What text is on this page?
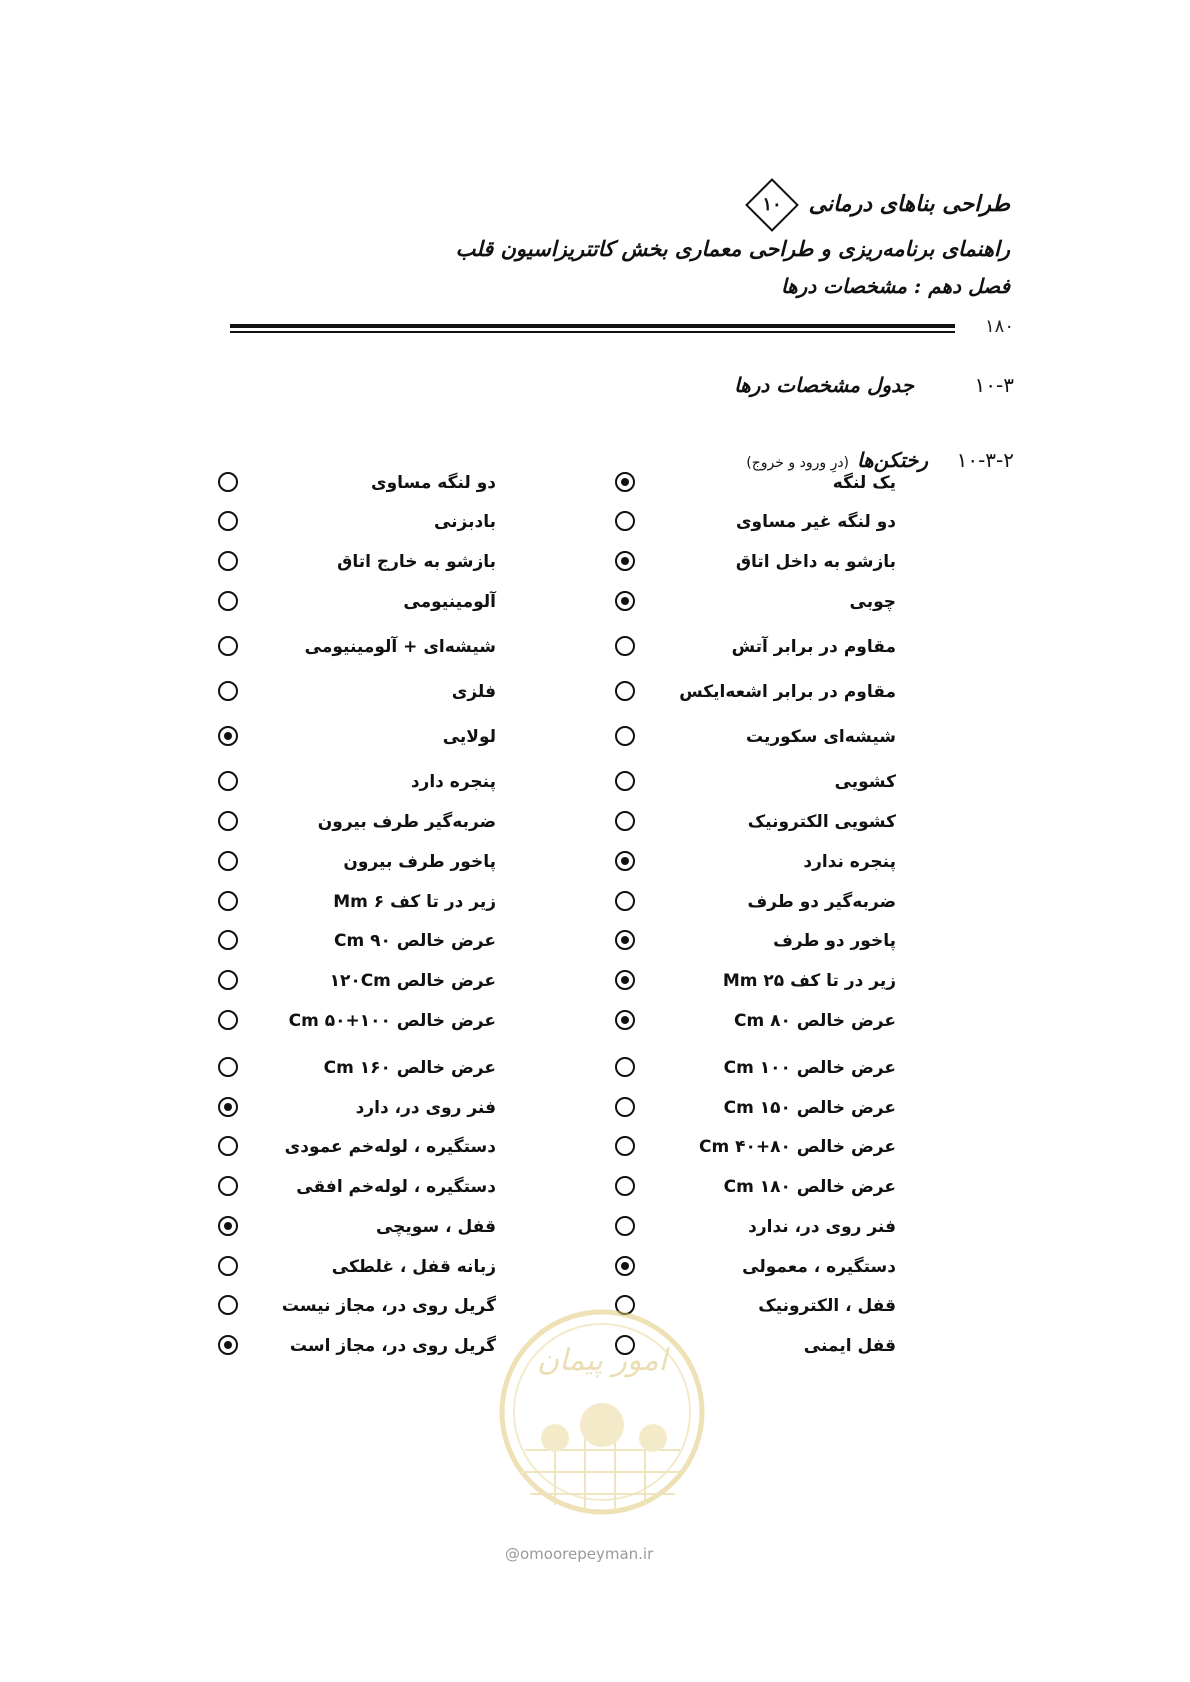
طراحی بناهای درمانی
۱۰
راهنمای برنامه‌ریزی و طراحی معماری بخش کاتتریزاسیون قلب
فصل دهم : مشخصات درها
۱۸۰
۱۰-۳
جدول مشخصات درها
۱۰-۳-۲
رختکن‌ها
(درِ ورود و خروج)
یک لنگه
دو لنگه مساوی
دو لنگه غیر مساوی
بادبزنی
بازشو به داخل اتاق
بازشو به خارج اتاق
چوبی
آلومینیومی
مقاوم در برابر آتش
شیشه‌ای + آلومینیومی
مقاوم در برابر اشعه‌ایکس
فلزی
شیشه‌ای سکوریت
لولایی
کشویی
پنجره دارد
کشویی الکترونیک
ضربه‌گیر طرف بیرون
پنجره ندارد
پاخور طرف بیرون
ضربه‌گیر دو طرف
زیر در تا کف Mm ۶
پاخور دو طرف
عرض خالص Cm ۹۰
زیر در تا کف Mm ۲۵
عرض خالص ۱۲۰Cm
عرض خالص Cm ۸۰
عرض خالص Cm ۵۰+۱۰۰
عرض خالص Cm ۱۰۰
عرض خالص Cm ۱۶۰
عرض خالص Cm ۱۵۰
فنر روی در، دارد
عرض خالص Cm ۴۰+۸۰
دستگیره ، لوله‌خم عمودی
عرض خالص Cm ۱۸۰
دستگیره ، لوله‌خم افقی
فنر روی در، ندارد
قفل ، سویچی
دستگیره ، معمولی
زبانه قفل ، غلطکی
قفل ، الکترونیک
گریل روی در، مجاز نیست
قفل ایمنی
گریل روی در، مجاز است امور پیمان
@omoorepeyman.ir
